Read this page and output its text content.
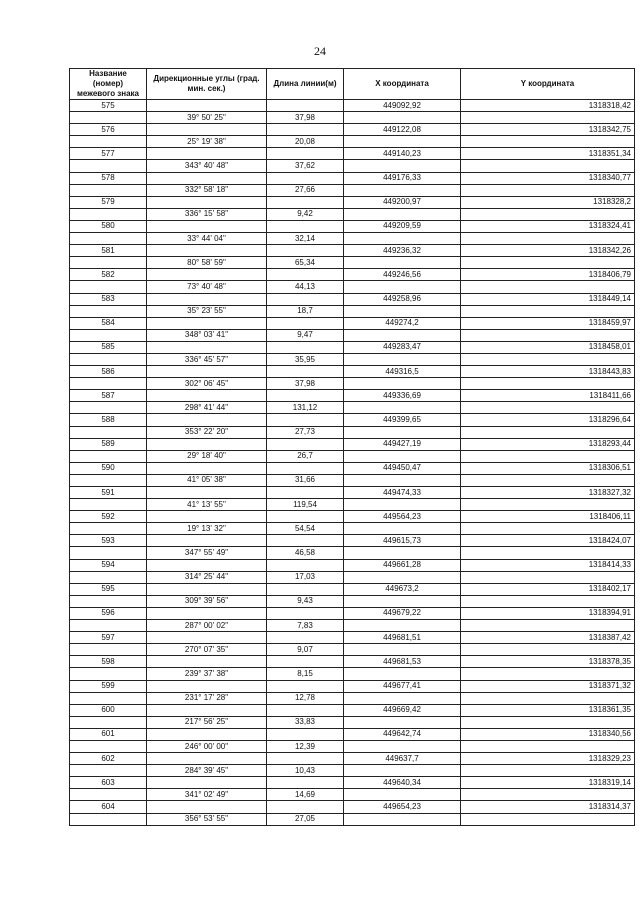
24
Название (номер) межевого знака	Дирекционные углы (град. мин. сек.)	Длина линии(м)	X координата	Y координата
575			449092,92	1318318,42
	39° 50' 25"	37,98		
576			449122,08	1318342,75
	25° 19' 38"	20,08		
577			449140,23	1318351,34
	343° 40' 48"	37,62		
578			449176,33	1318340,77
	332° 58' 18"	27,66		
579			449200,97	1318328,2
	336° 15' 58"	9,42		
580			449209,59	1318324,41
	33° 44' 04"	32,14		
581			449236,32	1318342,26
	80° 58' 59"	65,34		
582			449246,56	1318406,79
	73° 40' 48"	44,13		
583			449258,96	1318449,14
	35° 23' 55"	18,7		
584			449274,2	1318459,97
	348° 03' 41"	9,47		
585			449283,47	1318458,01
	336° 45' 57"	35,95		
586			449316,5	1318443,83
	302° 06' 45"	37,98		
587			449336,69	1318411,66
	298° 41' 44"	131,12		
588			449399,65	1318296,64
	353° 22' 20"	27,73		
589			449427,19	1318293,44
	29° 18' 40"	26,7		
590			449450,47	1318306,51
	41° 05' 38"	31,66		
591			449474,33	1318327,32
	41° 13' 55"	119,54		
592			449564,23	1318406,11
	19° 13' 32"	54,54		
593			449615,73	1318424,07
	347° 55' 49"	46,58		
594			449661,28	1318414,33
	314° 25' 44"	17,03		
595			449673,2	1318402,17
	309° 39' 56"	9,43		
596			449679,22	1318394,91
	287° 00' 02"	7,83		
597			449681,51	1318387,42
	270° 07' 35"	9,07		
598			449681,53	1318378,35
	239° 37' 38"	8,15		
599			449677,41	1318371,32
	231° 17' 28"	12,78		
600			449669,42	1318361,35
	217° 56' 25"	33,83		
601			449642,74	1318340,56
	246° 00' 00"	12,39		
602			449637,7	1318329,23
	284° 39' 45"	10,43		
603			449640,34	1318319,14
	341° 02' 49"	14,69		
604			449654,23	1318314,37
	356° 53' 55"	27,05		
